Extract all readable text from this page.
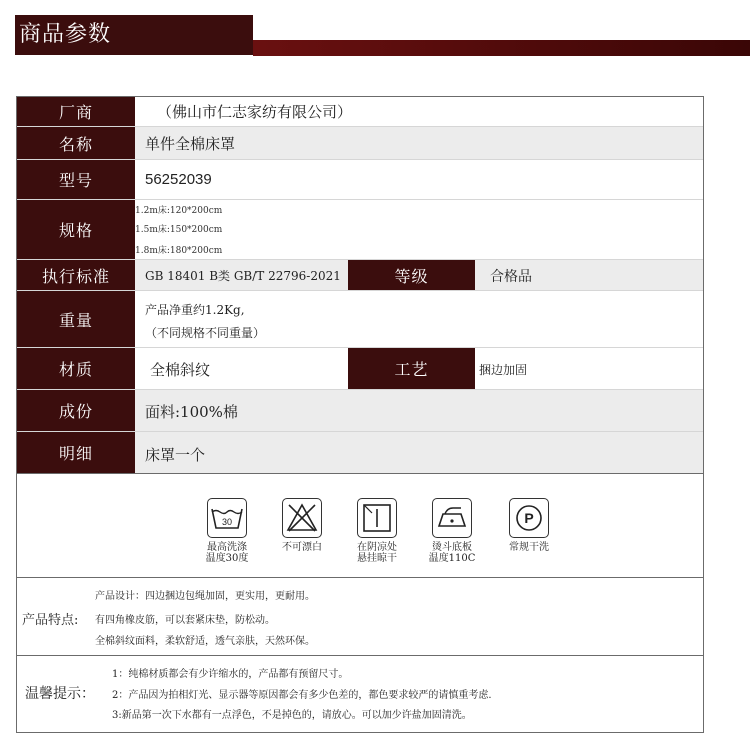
商品参数
厂商	（佛山市仁志家纺有限公司）
名称	单件全棉床罩
型号	56252039
规格
1.2m床:120*200cm
1.5m床:150*200cm
1.8m床:180*200cm
执行标准	GB 18401 B类 GB/T 22796-2021	等级	合格品
重量
产品净重约1.2Kg,
（不同规格不同重量）
材质	全棉斜纹	工艺	捆边加固
成份	面料:100%棉
明细	床罩一个
30
最高洗涤
温度30度
不可漂白	在阴凉处
悬挂晾干
烫斗底板
温度110C
P
常规干洗
产品特点:
产品设计：四边捆边包绳加固，更实用，更耐用。
有四角橡皮筋，可以套紧床垫，防松动。
全棉斜纹面料，柔软舒适，透气亲肤，天然环保。
温馨提示：
1：纯棉材质都会有少许缩水的，产品都有预留尺寸。
2：产品因为拍相灯光、显示器等原因都会有多少色差的，都色要求较严的请慎重考虑.
3:新品第一次下水都有一点浮色，不是掉色的，请放心。可以加少许盐加固清洗。
